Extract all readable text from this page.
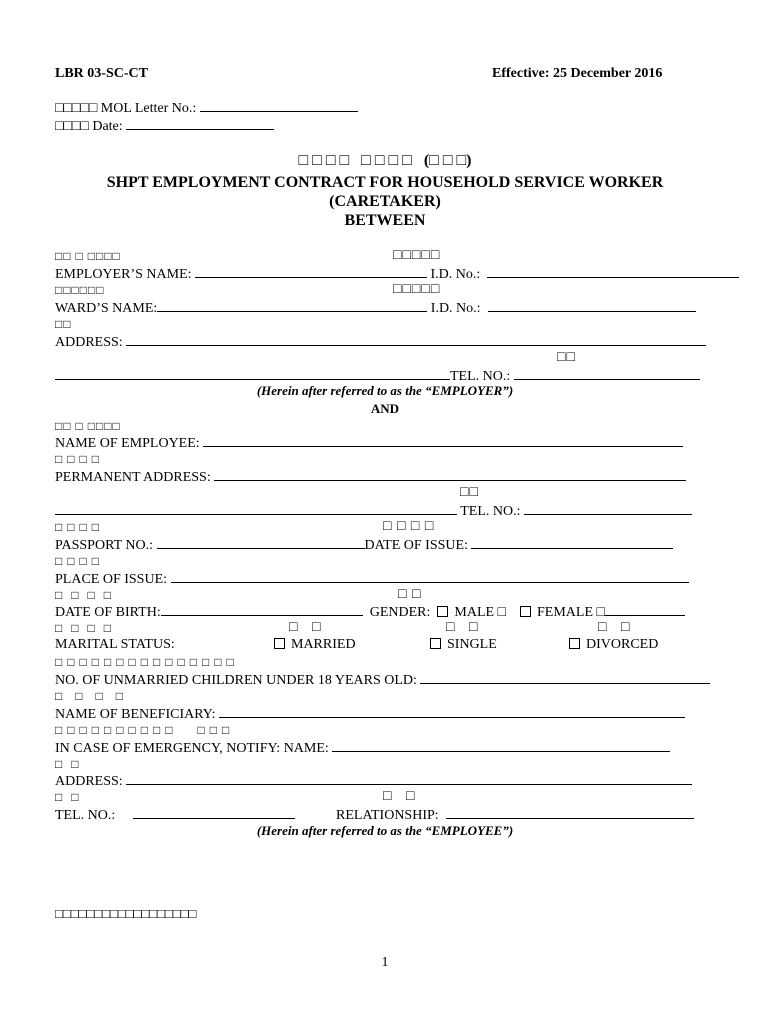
LBR 03-SC-CT	Effective: 25 December 2016
□□□□□ MOL Letter No.:
□□□□ Date:
□ □ □ □   □ □ □ □   (□ □ □)
SHPT EMPLOYMENT CONTRACT FOR HOUSEHOLD SERVICE WORKER
(CARETAKER)
BETWEEN
□□ □ □□□□	□□□□□
EMPLOYER’S NAME:	I.D. No.:
□□□□□□	□□□□□
WARD’S NAME:	I.D. No.:
□□
ADDRESS:
□□
TEL. NO.:
(Herein after referred to as the “EMPLOYER”)
AND
□□ □ □□□□
NAME OF EMPLOYEE:
□ □ □ □
PERMANENT ADDRESS:
□□
TEL. NO.:
□ □ □ □	□ □ □ □
PASSPORT NO.:	DATE OF ISSUE:
□ □ □ □
PLACE OF ISSUE:
□  □  □  □	□ □
DATE OF BIRTH:	GENDER: MALE □ FEMALE □
□  □  □  □	□   □	□   □	□   □
MARITAL STATUS:	MARRIED	SINGLE	DIVORCED
□ □ □ □ □ □ □ □ □ □ □ □ □ □ □
NO. OF UNMARRIED CHILDREN UNDER 18 YEARS OLD:
□   □   □   □
NAME OF BENEFICIARY:
□ □ □ □ □ □ □ □ □ □      □ □ □
IN CASE OF EMERGENCY, NOTIFY: NAME:
□  □
ADDRESS:
□  □	□   □
TEL. NO.:	RELATIONSHIP:
(Herein after referred to as the “EMPLOYEE”)
□□□□□□□□□□□□□□□□□□
1
